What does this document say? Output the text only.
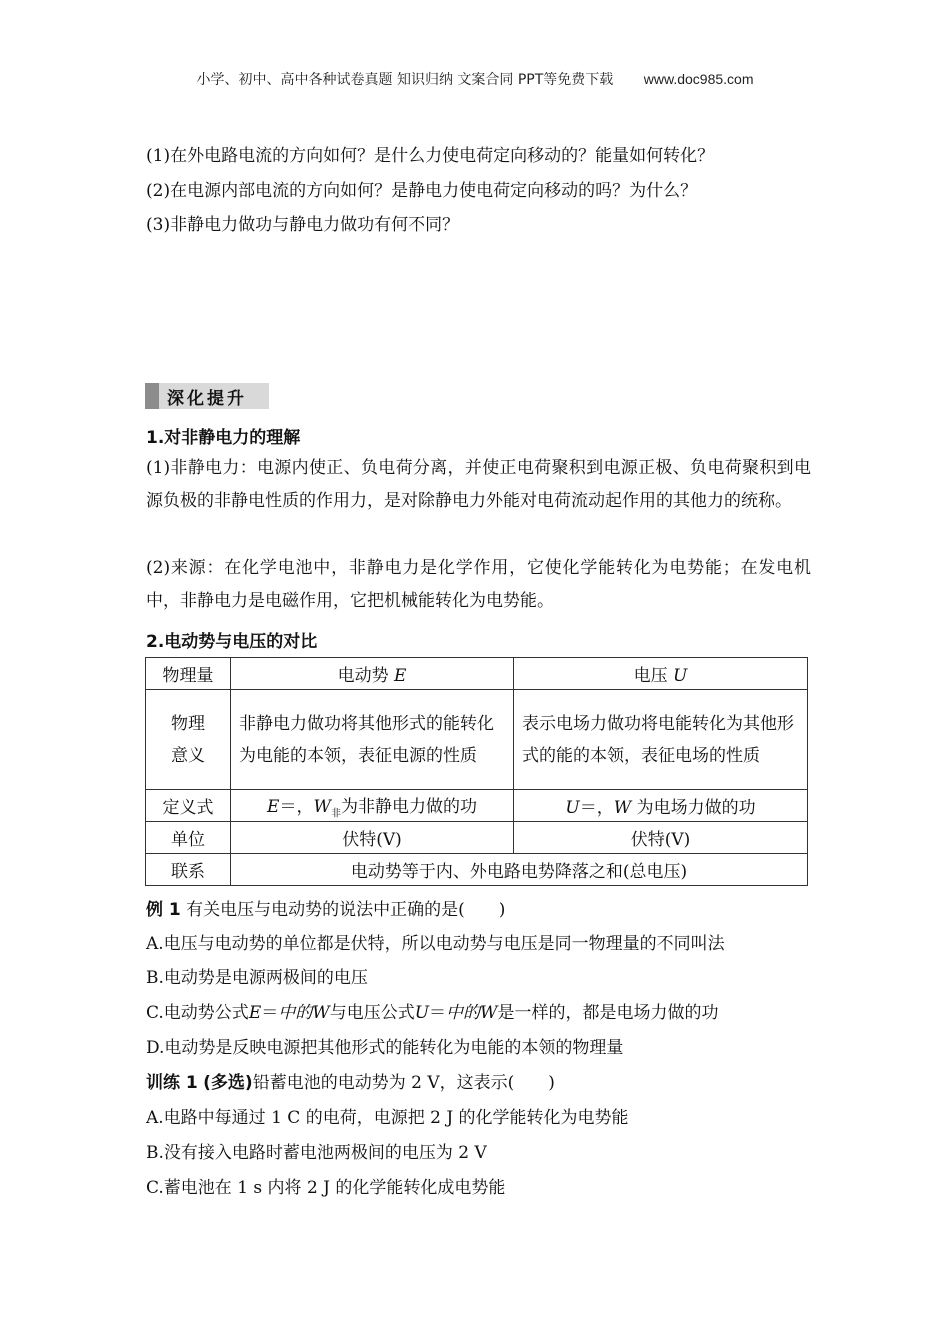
小学、初中、高中各种试卷真题 知识归纳 文案合同 PPT等免费下载 www.doc985.com
(1)在外电路电流的方向如何？是什么力使电荷定向移动的？能量如何转化？
(2)在电源内部电流的方向如何？是静电力使电荷定向移动的吗？为什么？
(3)非静电力做功与静电力做功有何不同？
深化提升
1.对非静电力的理解
(1)非静电力：电源内使正、负电荷分离，并使正电荷聚积到电源正极、负电荷聚积到电源负极的非静电性质的作用力，是对除静电力外能对电荷流动起作用的其他力的统称。
(2)来源：在化学电池中，非静电力是化学作用，它使化学能转化为电势能；在发电机中，非静电力是电磁作用，它把机械能转化为电势能。
2.电动势与电压的对比
物理量	电动势 E	电压 U
物理
意义	非静电力做功将其他形式的能转化为电能的本领，表征电源的性质	表示电场力做功将电能转化为其他形式的能的本领，表征电场的性质
定义式	E＝，$W_非$为非静电力做的功	U＝，W 为电场力做的功
单位	伏特(V)	伏特(V)
联系	电动势等于内、外电路电势降落之和(总电压)	
例 1 有关电压与电动势的说法中正确的是(　　)
A.电压与电动势的单位都是伏特，所以电动势与电压是同一物理量的不同叫法
B.电动势是电源两极间的电压
C.电动势公式E＝中的W与电压公式U＝中的W是一样的，都是电场力做的功
D.电动势是反映电源把其他形式的能转化为电能的本领的物理量
训练 1 (多选)铅蓄电池的电动势为 2 V，这表示(　　)
A.电路中每通过 1 C 的电荷，电源把 2 J 的化学能转化为电势能
B.没有接入电路时蓄电池两极间的电压为 2 V
C.蓄电池在 1 s 内将 2 J 的化学能转化成电势能
